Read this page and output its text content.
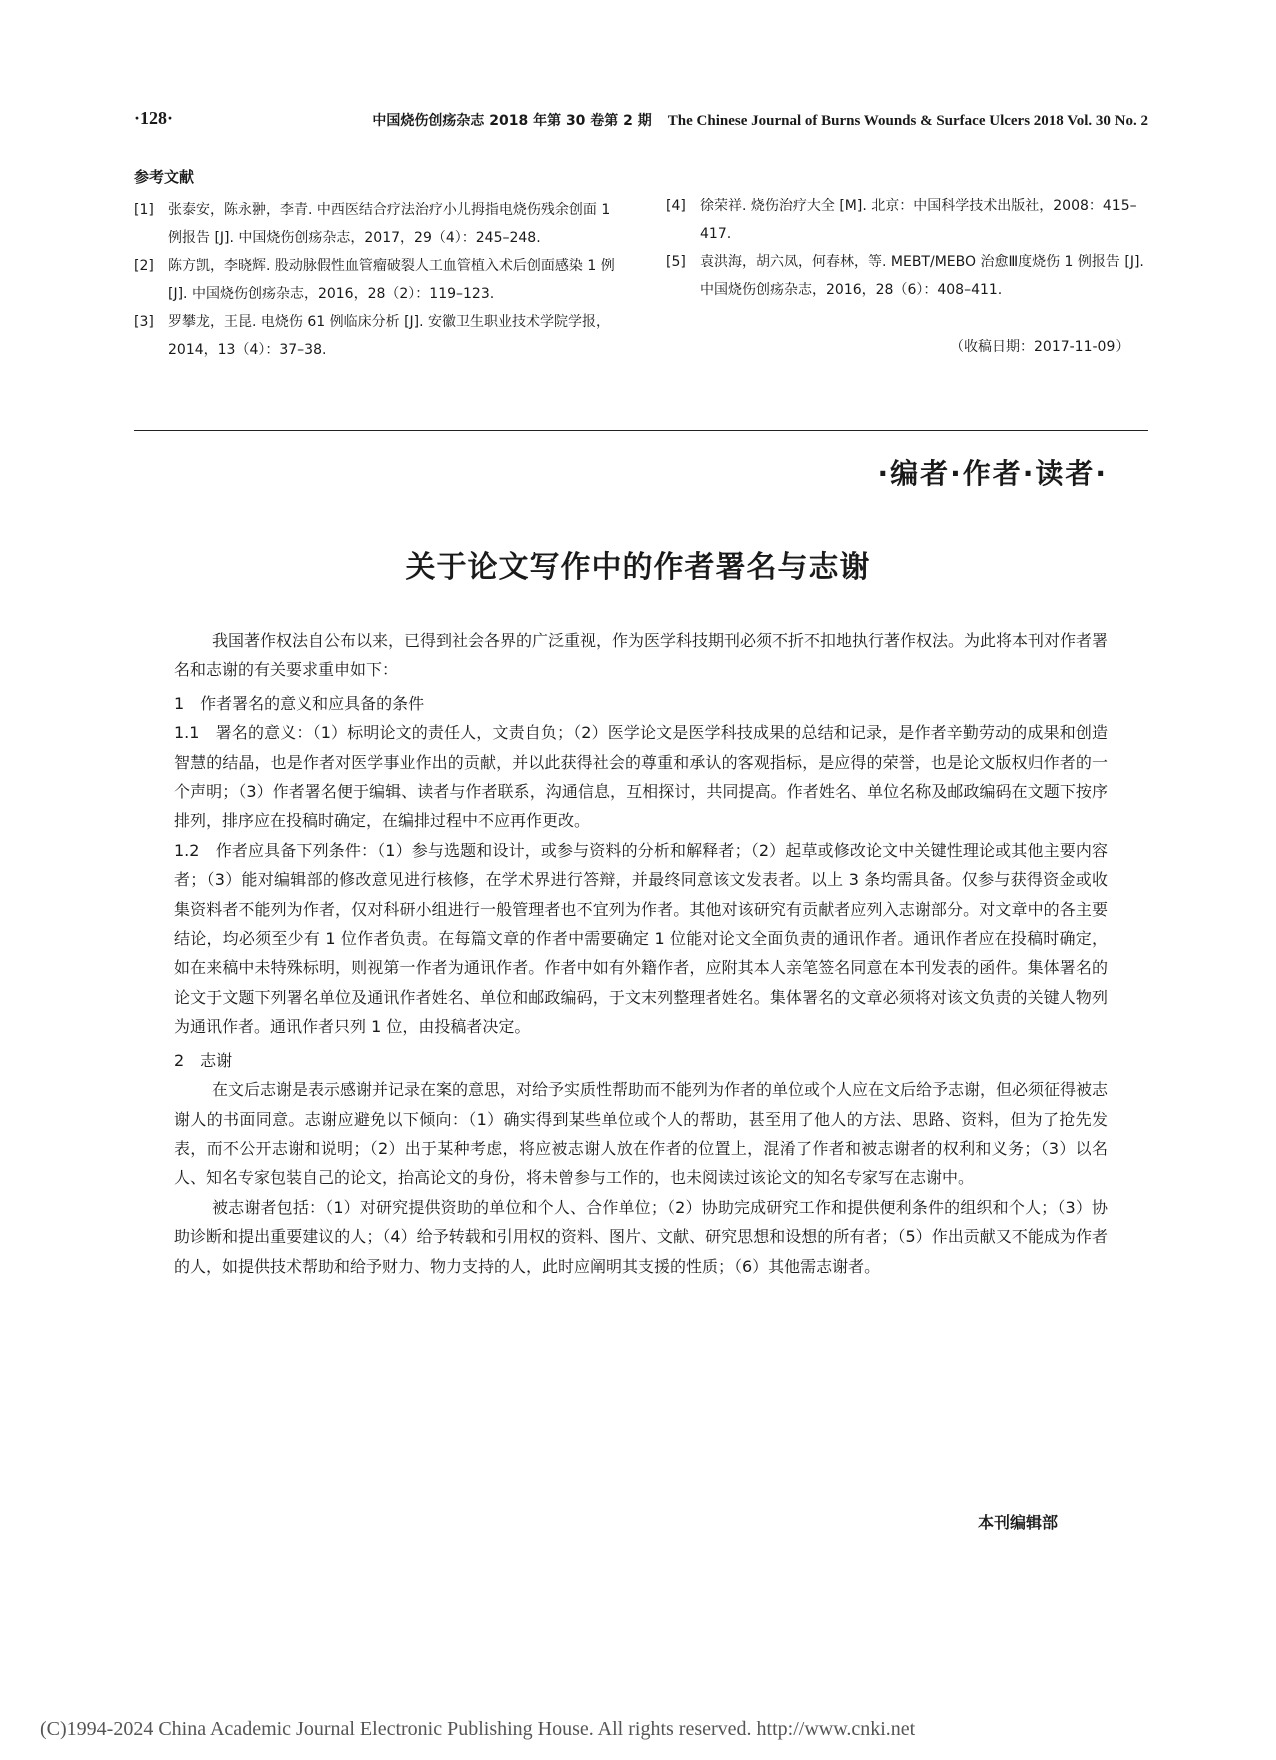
·128·	中国烧伤创疡杂志 2018 年第 30 卷第 2 期 The Chinese Journal of Burns Wounds & Surface Ulcers 2018 Vol. 30 No. 2
参考文献

[1] 张泰安，陈永翀，李青. 中西医结合疗法治疗小儿拇指电烧伤残余创面 1 例报告 [J]. 中国烧伤创疡杂志，2017，29（4）：245–248.

[2] 陈方凯，李晓辉. 股动脉假性血管瘤破裂人工血管植入术后创面感染 1 例 [J]. 中国烧伤创疡杂志，2016，28（2）：119–123.

[3] 罗攀龙，王昆. 电烧伤 61 例临床分析 [J]. 安徽卫生职业技术学院学报，2014，13（4）：37–38.

[4] 徐荣祥. 烧伤治疗大全 [M]. 北京：中国科学技术出版社，2008：415–417.

[5] 袁洪海，胡六凤，何春林，等. MEBT/MEBO 治愈Ⅲ度烧伤 1 例报告 [J]. 中国烧伤创疡杂志，2016，28（6）：408–411.

（收稿日期：2017-11-09）
·编者·作者·读者·
关于论文写作中的作者署名与志谢

我国著作权法自公布以来，已得到社会各界的广泛重视，作为医学科技期刊必须不折不扣地执行著作权法。为此将本刊对作者署名和志谢的有关要求重申如下：

1　作者署名的意义和应具备的条件

1.1　署名的意义：（1）标明论文的责任人，文责自负；（2）医学论文是医学科技成果的总结和记录，是作者辛勤劳动的成果和创造智慧的结晶，也是作者对医学事业作出的贡献，并以此获得社会的尊重和承认的客观指标，是应得的荣誉，也是论文版权归作者的一个声明；（3）作者署名便于编辑、读者与作者联系，沟通信息，互相探讨，共同提高。作者姓名、单位名称及邮政编码在文题下按序排列，排序应在投稿时确定，在编排过程中不应再作更改。

1.2　作者应具备下列条件：（1）参与选题和设计，或参与资料的分析和解释者；（2）起草或修改论文中关键性理论或其他主要内容者；（3）能对编辑部的修改意见进行核修，在学术界进行答辩，并最终同意该文发表者。以上 3 条均需具备。仅参与获得资金或收集资料者不能列为作者，仅对科研小组进行一般管理者也不宜列为作者。其他对该研究有贡献者应列入志谢部分。对文章中的各主要结论，均必须至少有 1 位作者负责。在每篇文章的作者中需要确定 1 位能对论文全面负责的通讯作者。通讯作者应在投稿时确定，如在来稿中未特殊标明，则视第一作者为通讯作者。作者中如有外籍作者，应附其本人亲笔签名同意在本刊发表的函件。集体署名的论文于文题下列署名单位及通讯作者姓名、单位和邮政编码，于文末列整理者姓名。集体署名的文章必须将对该文负责的关键人物列为通讯作者。通讯作者只列 1 位，由投稿者决定。

2　志谢

在文后志谢是表示感谢并记录在案的意思，对给予实质性帮助而不能列为作者的单位或个人应在文后给予志谢，但必须征得被志谢人的书面同意。志谢应避免以下倾向：（1）确实得到某些单位或个人的帮助，甚至用了他人的方法、思路、资料，但为了抢先发表，而不公开志谢和说明；（2）出于某种考虑，将应被志谢人放在作者的位置上，混淆了作者和被志谢者的权利和义务；（3）以名人、知名专家包装自己的论文，抬高论文的身份，将未曾参与工作的，也未阅读过该论文的知名专家写在志谢中。

被志谢者包括：（1）对研究提供资助的单位和个人、合作单位；（2）协助完成研究工作和提供便利条件的组织和个人；（3）协助诊断和提出重要建议的人；（4）给予转载和引用权的资料、图片、文献、研究思想和设想的所有者；（5）作出贡献又不能成为作者的人，如提供技术帮助和给予财力、物力支持的人，此时应阐明其支援的性质；（6）其他需志谢者。

本刊编辑部
(C)1994-2024 China Academic Journal Electronic Publishing House. All rights reserved. http://www.cnki.net
